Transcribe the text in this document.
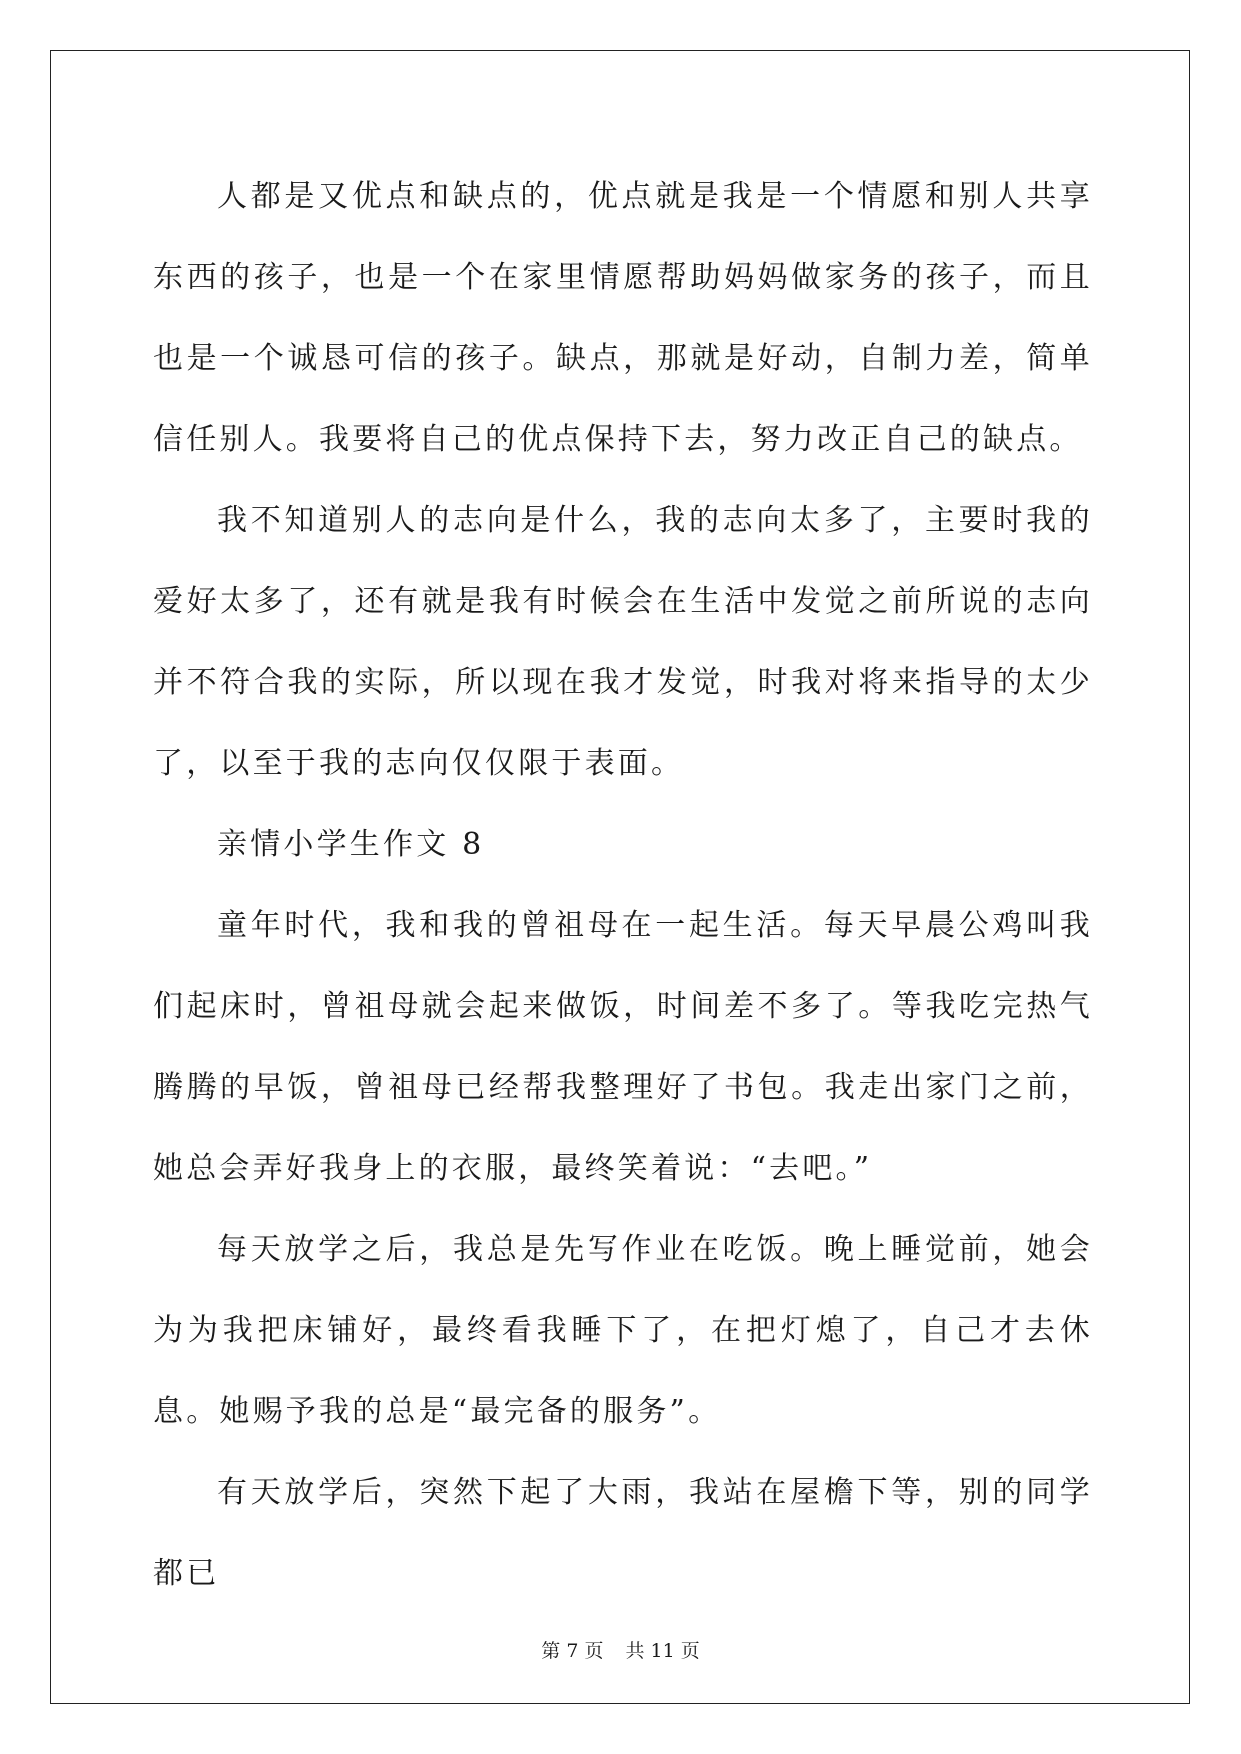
人都是又优点和缺点的，优点就是我是一个情愿和别人共享东西的孩子，也是一个在家里情愿帮助妈妈做家务的孩子，而且也是一个诚恳可信的孩子。缺点，那就是好动，自制力差，简单信任别人。我要将自己的优点保持下去，努力改正自己的缺点。

我不知道别人的志向是什么，我的志向太多了，主要时我的爱好太多了，还有就是我有时候会在生活中发觉之前所说的志向并不符合我的实际，所以现在我才发觉，时我对将来指导的太少了，以至于我的志向仅仅限于表面。

亲情小学生作文 8

童年时代，我和我的曾祖母在一起生活。每天早晨公鸡叫我们起床时，曾祖母就会起来做饭，时间差不多了。等我吃完热气腾腾的早饭，曾祖母已经帮我整理好了书包。我走出家门之前，她总会弄好我身上的衣服，最终笑着说：“去吧。”

每天放学之后，我总是先写作业在吃饭。晚上睡觉前，她会为为我把床铺好，最终看我睡下了，在把灯熄了，自己才去休息。她赐予我的总是“最完备的服务”。

有天放学后，突然下起了大雨，我站在屋檐下等，别的同学都已

第 7 页 共 11 页
